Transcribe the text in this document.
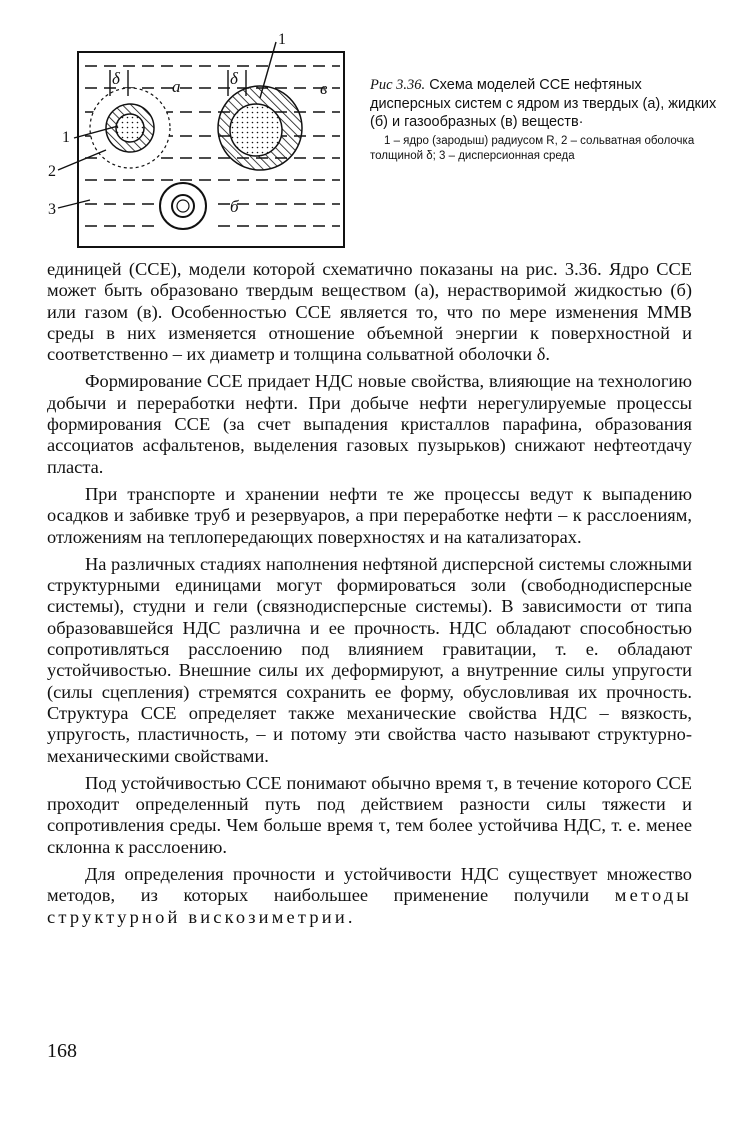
δ	δ
а	в
б
1
1
2
3

Рис 3.36. Схема моделей ССЕ нефтяных дисперсных систем с ядром из твердых (а), жидких (б) и газообразных (в) веществ·

1 – ядро (зародыш) радиусом R, 2 – сольватная оболочка толщиной δ; 3 – дисперсионная среда

единицей (ССЕ), модели которой схематично показаны на рис. 3.36. Ядро ССЕ может быть образовано твердым веществом (а), нерастворимой жидкостью (б) или газом (в). Особенностью ССЕ является то, что по мере изменения ММВ среды в них изменяется отношение объемной энергии к поверхностной и соответственно – их диаметр и толщина сольватной оболочки δ.

Формирование ССЕ придает НДС новые свойства, влияющие на технологию добычи и переработки нефти. При добыче нефти нерегулируемые процессы формирования ССЕ (за счет выпадения кристаллов парафина, образования ассоциатов асфальтенов, выделения газовых пузырьков) снижают нефтеотдачу пласта.

При транспорте и хранении нефти те же процессы ведут к выпадению осадков и забивке труб и резервуаров, а при переработке нефти – к расслоениям, отложениям на теплопередающих поверхностях и на катализаторах.

На различных стадиях наполнения нефтяной дисперсной системы сложными структурными единицами могут формироваться золи (свободнодисперсные системы), студни и гели (связнодисперсные системы). В зависимости от типа образовавшейся НДС различна и ее прочность. НДС обладают способностью сопротивляться расслоению под влиянием гравитации, т. е. обладают устойчивостью. Внешние силы их деформируют, а внутренние силы упругости (силы сцепления) стремятся сохранить ее форму, обусловливая их прочность. Структура ССЕ определяет также механические свойства НДС – вязкость, упругость, пластичность, – и потому эти свойства часто называют структурно-механическими свойствами.

Под устойчивостью ССЕ понимают обычно время τ, в течение которого ССЕ проходит определенный путь под действием разности силы тяжести и сопротивления среды. Чем больше время τ, тем более устойчива НДС, т. е. менее склонна к расслоению.

Для определения прочности и устойчивости НДС существует множество методов, из которых наибольшее применение получили методы структурной вискозиметрии.

168
